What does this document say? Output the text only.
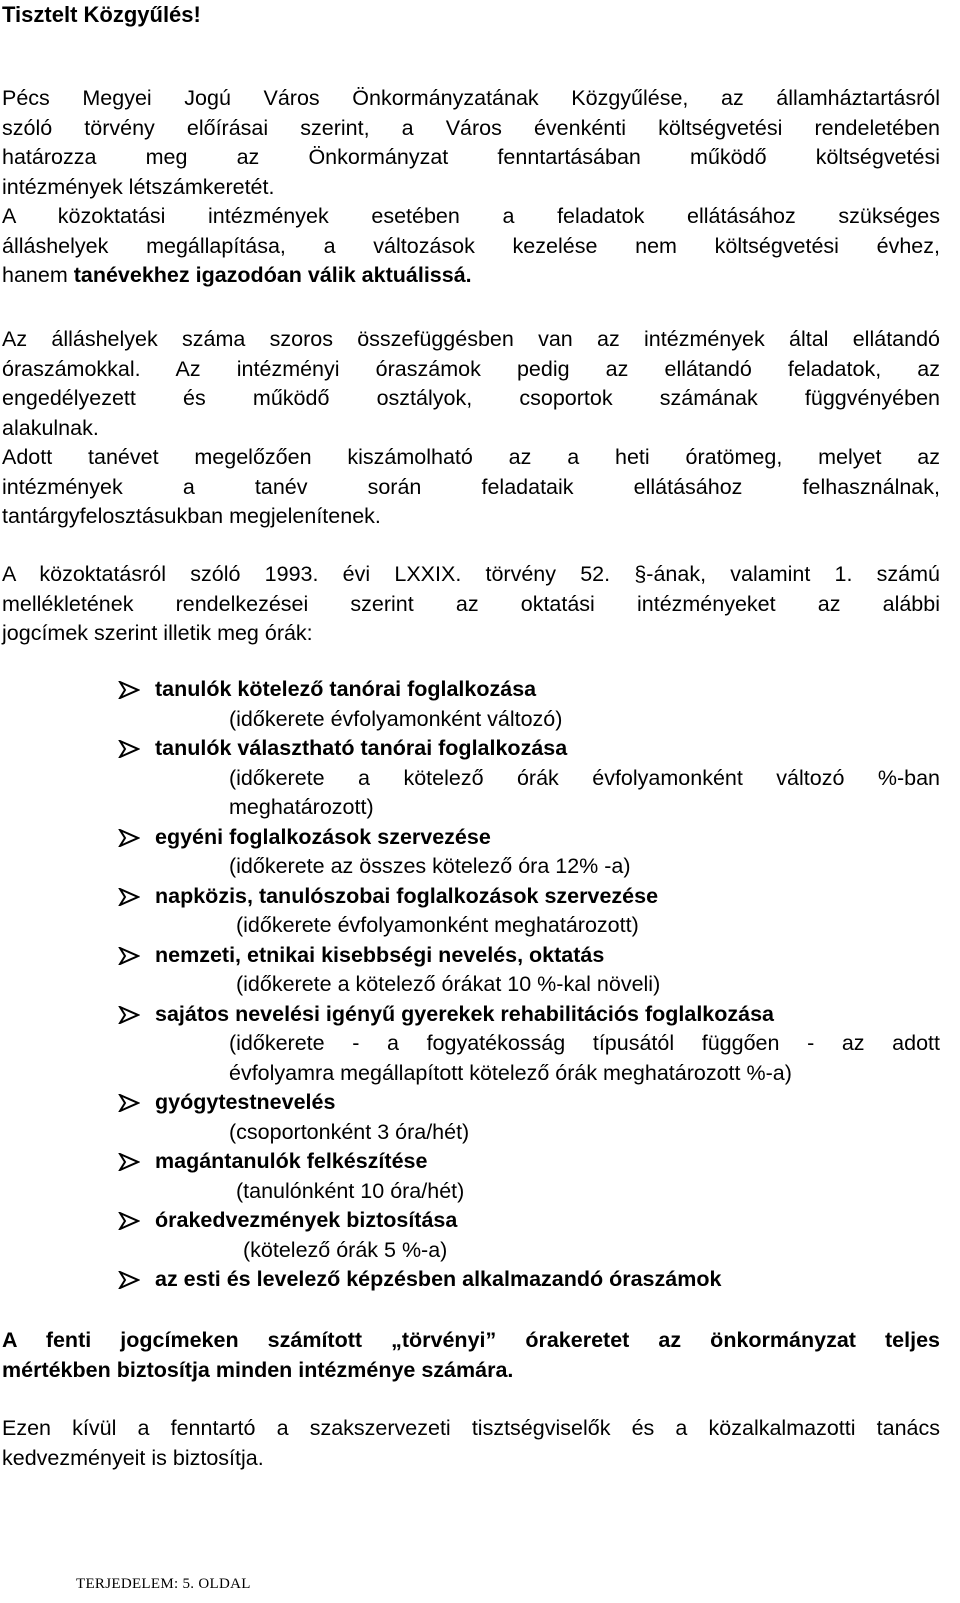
Tisztelt Közgyűlés!
Pécs Megyei Jogú Város Önkormányzatának Közgyűlése, az államháztartásról
szóló törvény előírásai szerint, a Város évenkénti költségvetési rendeletében
határozza meg az Önkormányzat fenntartásában működő költségvetési
intézmények létszámkeretét.
A közoktatási intézmények esetében a feladatok ellátásához szükséges
álláshelyek megállapítása, a változások kezelése nem költségvetési évhez,
hanem tanévekhez igazodóan válik aktuálissá.
Az álláshelyek száma szoros összefüggésben van az intézmények által ellátandó
óraszámokkal. Az intézményi óraszámok pedig az ellátandó feladatok, az
engedélyezett és működő osztályok, csoportok számának függvényében
alakulnak.
Adott tanévet megelőzően kiszámolható az a heti óratömeg, melyet az
intézmények a tanév során feladataik ellátásához felhasználnak,
tantárgyfelosztásukban megjelenítenek.
A közoktatásról szóló 1993. évi LXXIX. törvény 52. §-ának, valamint 1. számú
mellékletének rendelkezései szerint az oktatási intézményeket az alábbi
jogcímek szerint illetik meg órák:
tanulók kötelező tanórai foglalkozása
(időkerete évfolyamonként változó)
tanulók választható tanórai foglalkozása
(időkerete a kötelező órák évfolyamonként változó %-ban
meghatározott)
egyéni foglalkozások szervezése
(időkerete az összes kötelező óra 12% -a)
napközis, tanulószobai foglalkozások szervezése
(időkerete évfolyamonként meghatározott)
nemzeti, etnikai kisebbségi nevelés, oktatás
(időkerete a kötelező órákat 10 %-kal növeli)
sajátos nevelési igényű gyerekek rehabilitációs foglalkozása
(időkerete - a fogyatékosság típusától függően - az adott
évfolyamra megállapított kötelező órák meghatározott %-a)
gyógytestnevelés
(csoportonként 3 óra/hét)
magántanulók felkészítése
(tanulónként 10 óra/hét)
órakedvezmények biztosítása
(kötelező órák 5 %-a)
az esti és levelező képzésben alkalmazandó óraszámok
A fenti jogcímeken számított „törvényi” órakeretet az önkormányzat teljes
mértékben biztosítja minden intézménye számára.
Ezen kívül a fenntartó a szakszervezeti tisztségviselők és a közalkalmazotti tanács
kedvezményeit is biztosítja.
TERJEDELEM: 5. OLDAL
